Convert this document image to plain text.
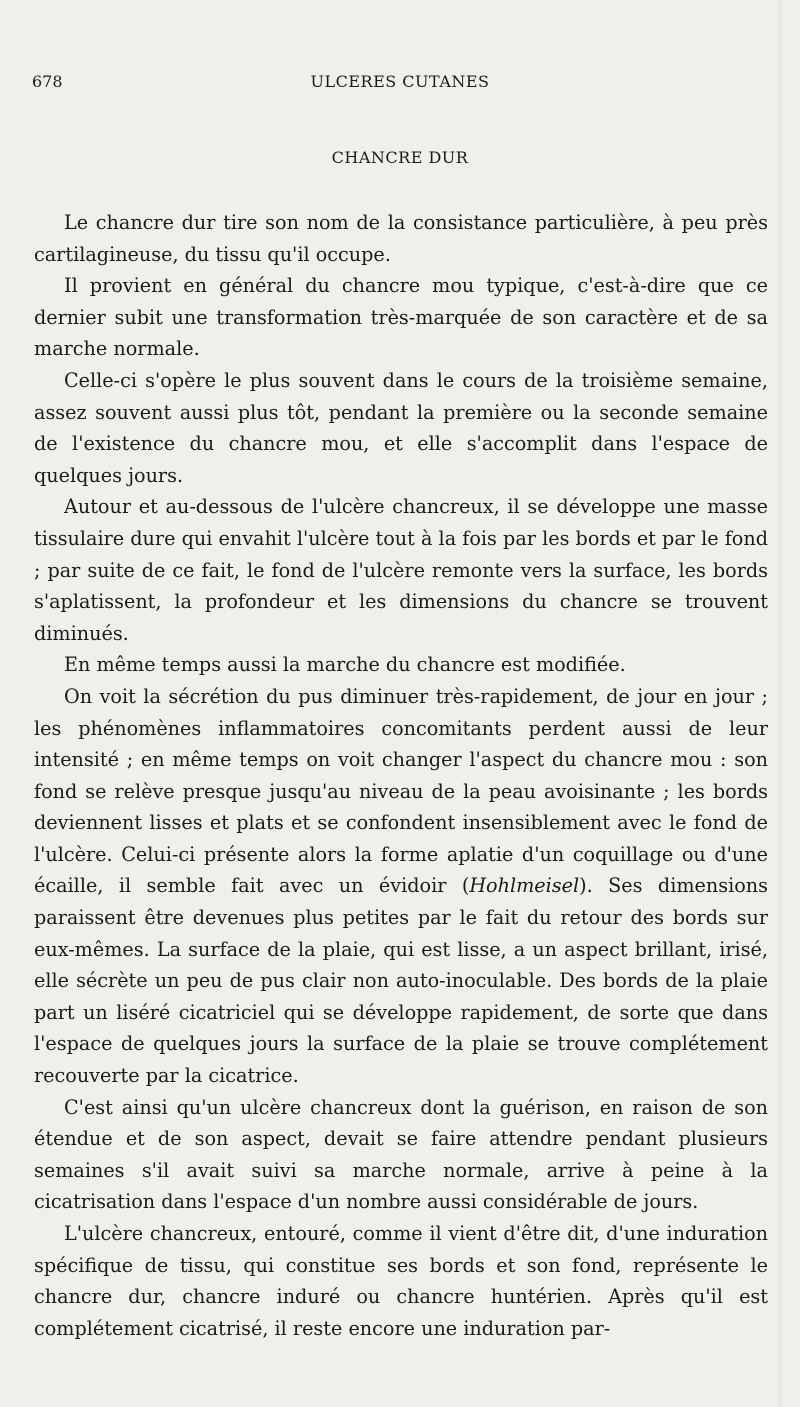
678	ULCERES CUTANES
CHANCRE DUR

Le chancre dur tire son nom de la consistance particulière, à peu près cartilagineuse, du tissu qu'il occupe.

Il provient en général du chancre mou typique, c'est-à-dire que ce dernier subit une transformation très-marquée de son caractère et de sa marche normale.

Celle-ci s'opère le plus souvent dans le cours de la troisième semaine, assez souvent aussi plus tôt, pendant la première ou la seconde semaine de l'existence du chancre mou, et elle s'accomplit dans l'espace de quelques jours.

Autour et au-dessous de l'ulcère chancreux, il se développe une masse tissulaire dure qui envahit l'ulcère tout à la fois par les bords et par le fond ; par suite de ce fait, le fond de l'ulcère remonte vers la surface, les bords s'aplatissent, la profondeur et les dimensions du chancre se trouvent diminués.

En même temps aussi la marche du chancre est modifiée.

On voit la sécrétion du pus diminuer très-rapidement, de jour en jour ; les phénomènes inflammatoires concomitants perdent aussi de leur intensité ; en même temps on voit changer l'aspect du chancre mou : son fond se relève presque jusqu'au niveau de la peau avoisinante ; les bords deviennent lisses et plats et se confondent insensiblement avec le fond de l'ulcère. Celui-ci présente alors la forme aplatie d'un coquillage ou d'une écaille, il semble fait avec un évidoir (Hohlmeisel). Ses dimensions paraissent être devenues plus petites par le fait du retour des bords sur eux-mêmes. La surface de la plaie, qui est lisse, a un aspect brillant, irisé, elle sécrète un peu de pus clair non auto-inoculable. Des bords de la plaie part un liséré cicatriciel qui se développe rapidement, de sorte que dans l'espace de quelques jours la surface de la plaie se trouve complétement recouverte par la cicatrice.

C'est ainsi qu'un ulcère chancreux dont la guérison, en raison de son étendue et de son aspect, devait se faire attendre pendant plusieurs semaines s'il avait suivi sa marche normale, arrive à peine à la cicatrisation dans l'espace d'un nombre aussi considérable de jours.

L'ulcère chancreux, entouré, comme il vient d'être dit, d'une induration spécifique de tissu, qui constitue ses bords et son fond, représente le chancre dur, chancre induré ou chancre huntérien. Après qu'il est complétement cicatrisé, il reste encore une induration par-
